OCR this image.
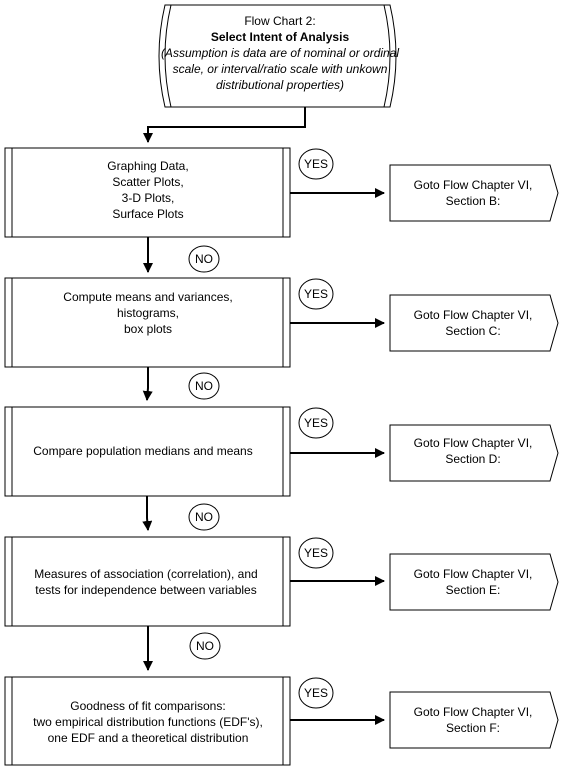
Flow Chart 2:
Select Intent of Analysis
(Assumption is data are of nominal or ordinal
scale, or interval/ratio scale with unkown
distributional properties)
Graphing Data,
Scatter Plots,
3-D Plots,
Surface Plots
YES
Goto Flow Chapter VI,
Section B:
NO
Compute means and variances,
histograms,
box plots
YES
Goto Flow Chapter VI,
Section C:
NO
Compare population medians and means
YES
Goto Flow Chapter VI,
Section D:
NO
Measures of association (correlation), and
tests for independence between variables
YES
Goto Flow Chapter VI,
Section E:
NO
Goodness of fit comparisons:
two empirical distribution functions (EDF's),
one EDF and a theoretical distribution
YES
Goto Flow Chapter VI,
Section F:
